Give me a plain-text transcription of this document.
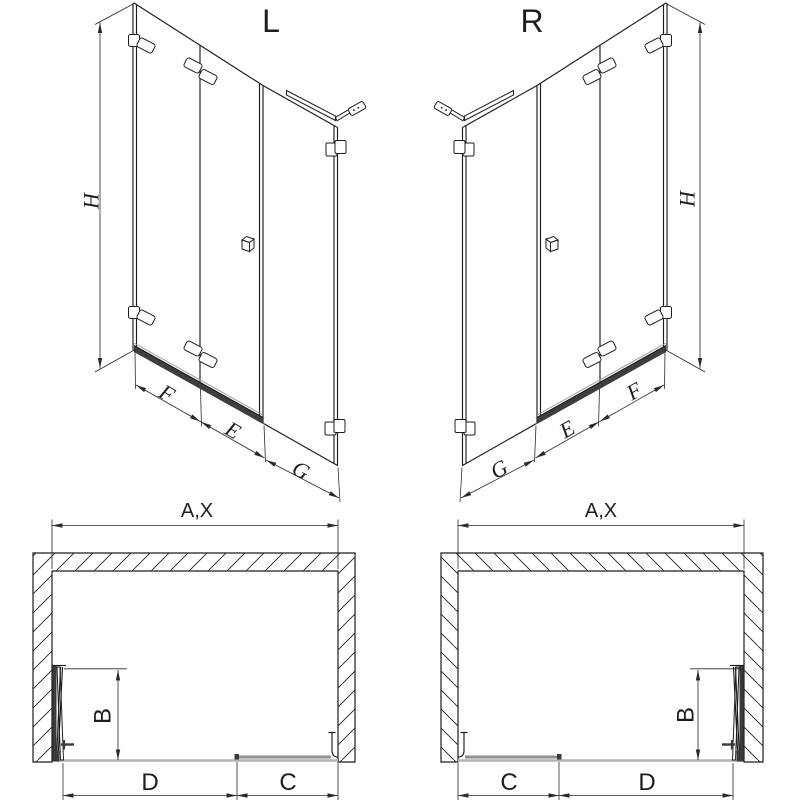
L
H
F
E
G
R
H
G
E
F
A,X
B
D	C
A,X
B
C	D
